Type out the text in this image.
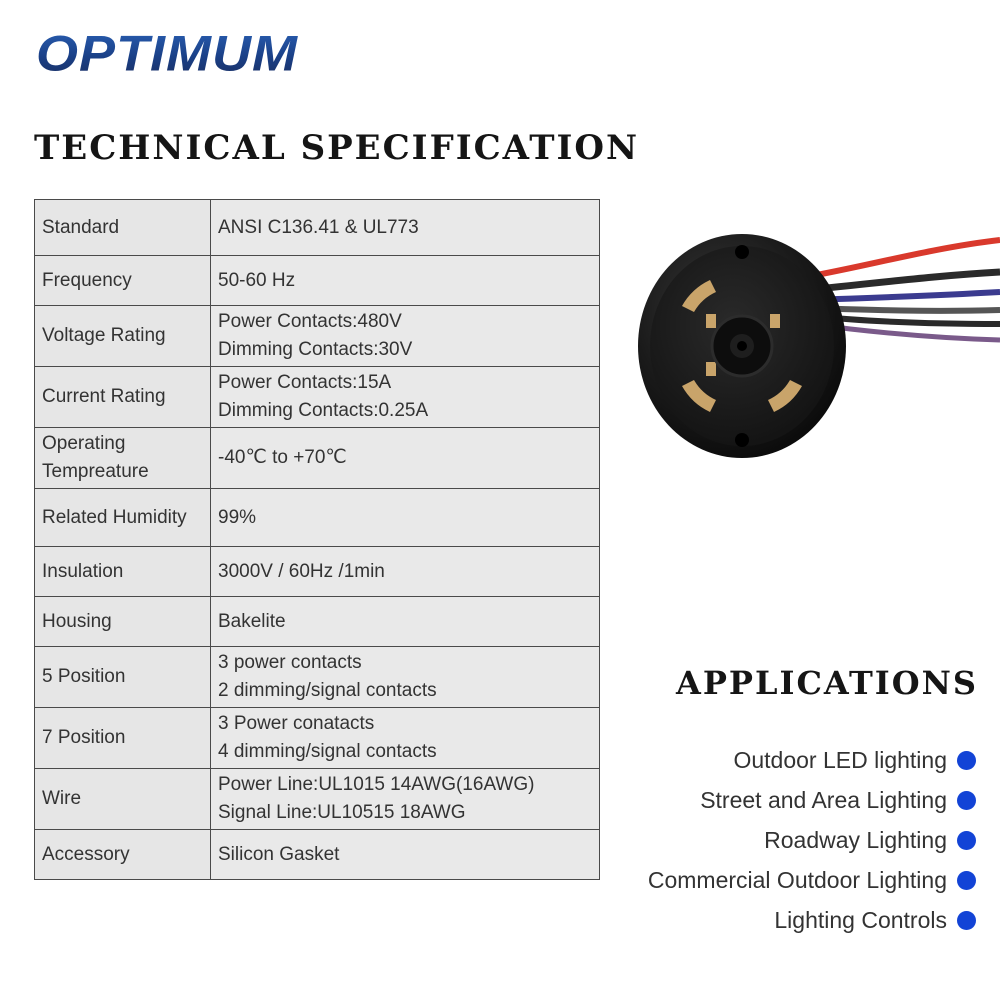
OPTIMUM
TECHNICAL SPECIFICATION
Standard	ANSI C136.41 & UL773

Frequency	50-60 Hz

Voltage Rating	Power Contacts:480V
Dimming Contacts:30V

Current Rating	Power Contacts:15A
Dimming Contacts:0.25A

Operating Tempreature	-40℃ to +70℃

Related Humidity	99%

Insulation	3000V / 60Hz /1min

Housing	Bakelite

5 Position	3 power contacts
2 dimming/signal contacts

7 Position	3 Power conatacts
4 dimming/signal contacts

Wire	Power Line:UL1015 14AWG(16AWG)
Signal Line:UL10515 18AWG

Accessory	Silicon Gasket
APPLICATIONS
Outdoor LED lighting
Street and Area Lighting
Roadway Lighting
Commercial Outdoor Lighting
Lighting Controls
